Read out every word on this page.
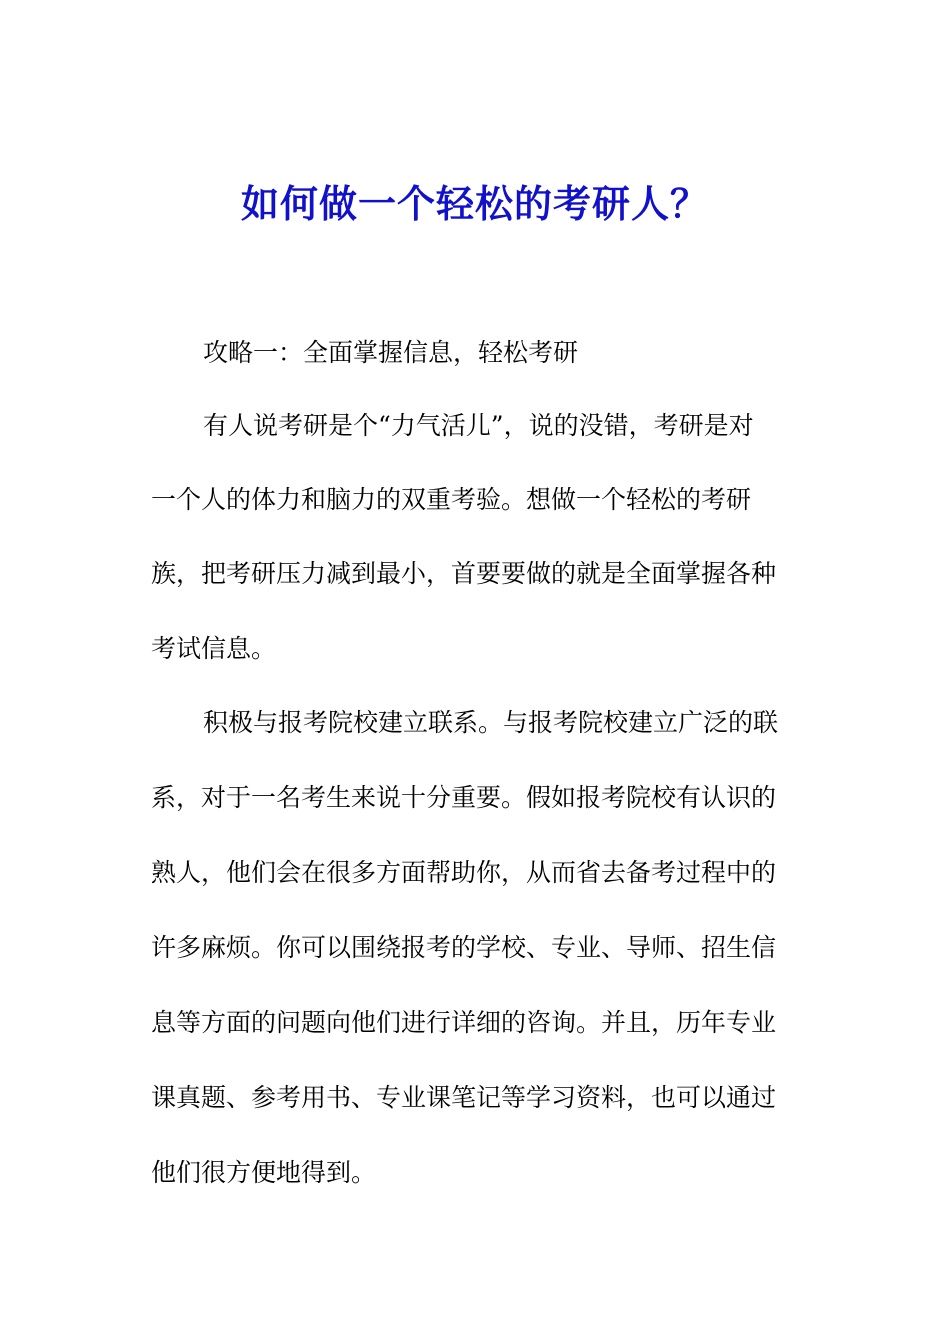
如何做一个轻松的考研人？
攻略一：全面掌握信息，轻松考研
有人说考研是个“力气活儿”，说的没错，考研是对
一个人的体力和脑力的双重考验。想做一个轻松的考研
族，把考研压力减到最小，首要要做的就是全面掌握各种
考试信息。
积极与报考院校建立联系。与报考院校建立广泛的联
系，对于一名考生来说十分重要。假如报考院校有认识的
熟人，他们会在很多方面帮助你，从而省去备考过程中的
许多麻烦。你可以围绕报考的学校、专业、导师、招生信
息等方面的问题向他们进行详细的咨询。并且，历年专业
课真题、参考用书、专业课笔记等学习资料，也可以通过
他们很方便地得到。
